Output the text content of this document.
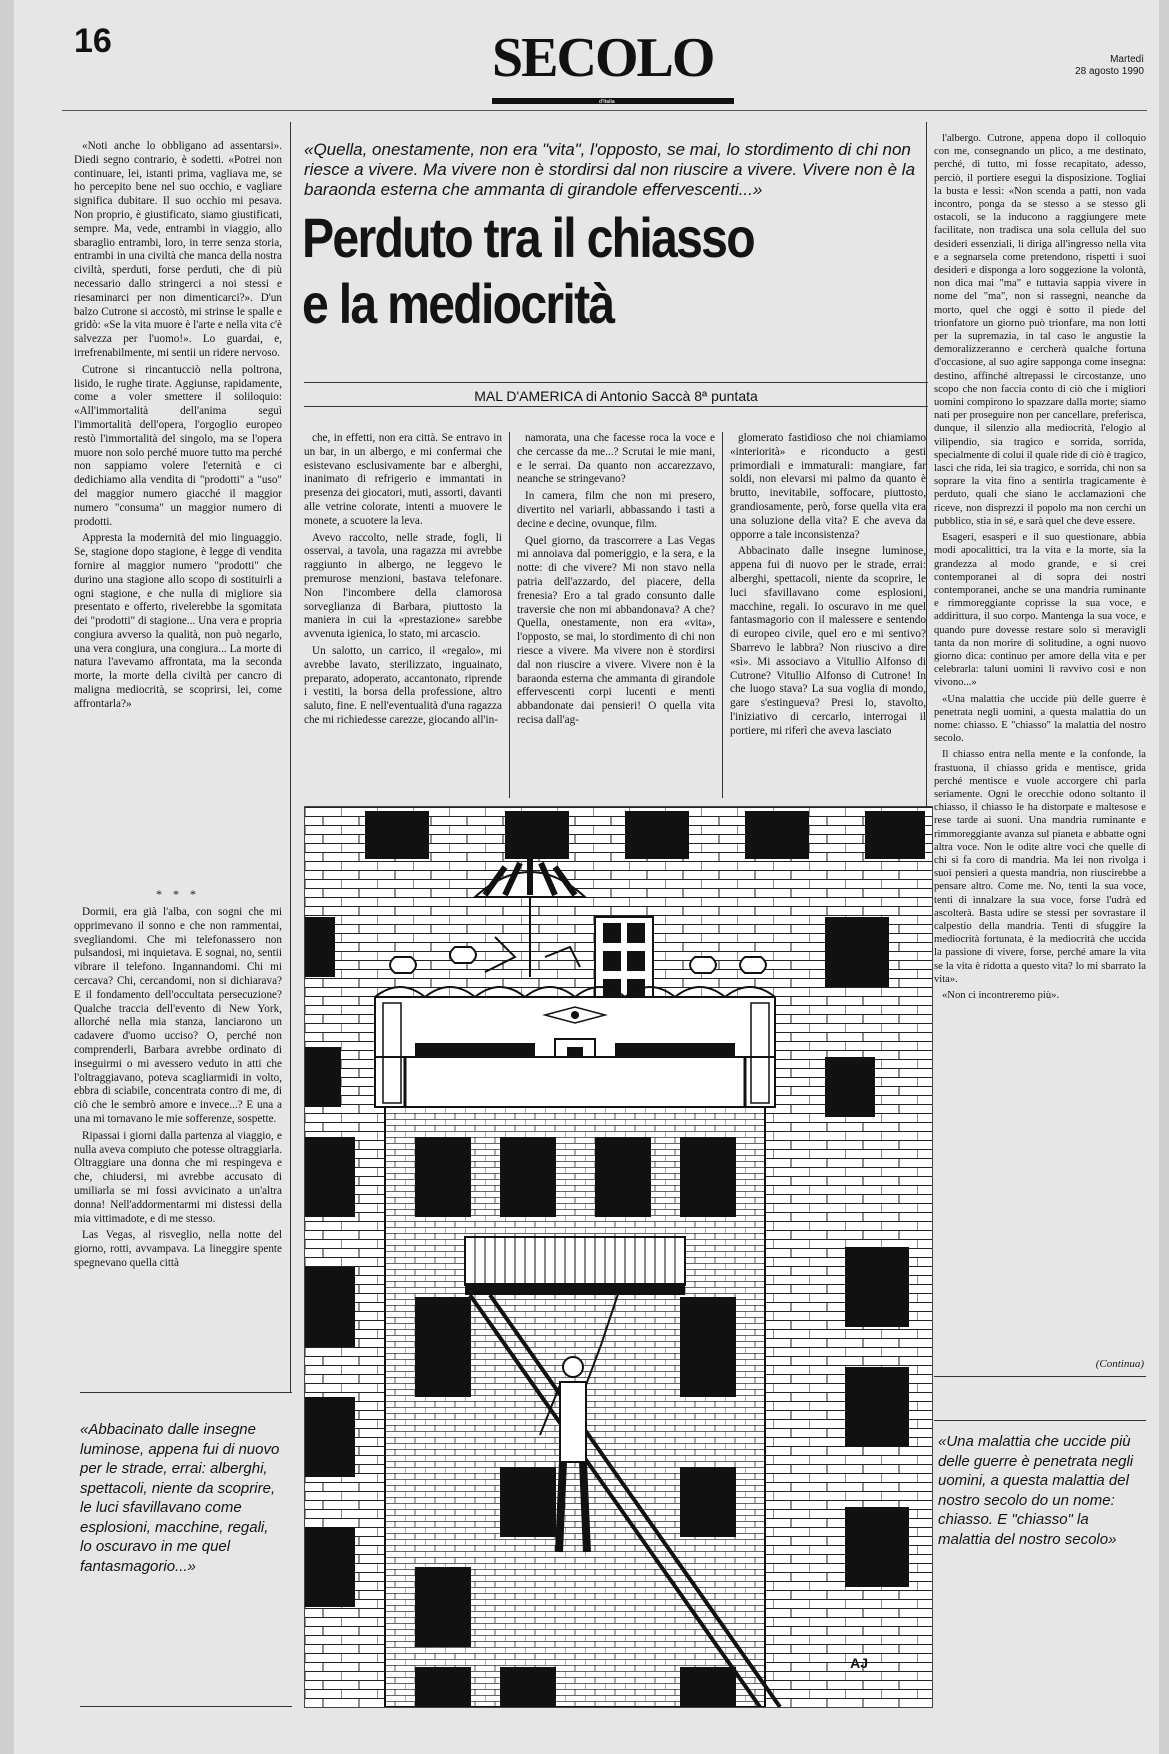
16	SECOLO
d'Italia
Martedì
28 agosto 1990

«Noti anche lo obbligano ad assentarsi». Diedi segno contrario, è sodetti. «Potrei non continuare, lei, istanti prima, vagliava me, se ho percepito bene nel suo occhio, e vagliare significa dubitare. Il suo occhio mi pesava. Non proprio, è giustificato, siamo giustificati, sempre. Ma, vede, entrambi in viaggio, allo sbaraglio entrambi, loro, in terre senza storia, entrambi in una civiltà che manca della nostra civiltà, sperduti, forse perduti, che di più necessario dallo stringerci a noi stessi e riesaminarci per non dimenticarci?». D'un balzo Cutrone si accostò, mi strinse le spalle e gridò: «Se la vita muore è l'arte e nella vita c'è salvezza per l'uomo!». Lo guardai, e, irrefrenabilmente, mi sentii un ridere nervoso.

Cutrone si rincantucciò nella poltrona, lisido, le rughe tirate. Aggiunse, rapidamente, come a voler smettere il soliloquio: «All'immortalità dell'anima seguì l'immortalità dell'opera, l'orgoglio europeo restò l'immortalità del singolo, ma se l'opera muore non solo perché muore tutto ma perché non sappiamo volere l'eternità e ci dedichiamo alla vendita di "prodotti" a "uso" del maggior numero giacché il maggior numero "consuma" un maggior numero di prodotti.

Appresta la modernità del mio linguaggio. Se, stagione dopo stagione, è legge di vendita fornire al maggior numero "prodotti" che durino una stagione allo scopo di sostituirli a ogni stagione, e che nulla di migliore sia presentato e offerto, rivelerebbe la sgomitata dei "prodotti" di stagione... Una vera e propria congiura avverso la qualità, non può negarlo, una vera congiura, una congiura... La morte di natura l'avevamo affrontata, ma la seconda morte, la morte della civiltà per cancro di maligna mediocrità, se scoprirsi, lei, come affrontarla?»

* * *

Dormii, era già l'alba, con sogni che mi opprimevano il sonno e che non rammentai, svegliandomi. Che mi telefonassero non pulsandosi, mi inquietava. E sognai, no, sentii vibrare il telefono. Ingannandomi. Chi mi cercava? Chi, cercandomi, non si dichiarava? E il fondamento dell'occultata persecuzione? Qualche traccia dell'evento di New York, allorché nella mia stanza, lanciarono un cadavere d'uomo ucciso? O, perché non comprenderli, Barbara avrebbe ordinato di inseguirmi o mi avessero veduto in atti che l'oltraggiavano, poteva scagliarmidi in volto, ebbra di sciabile, concentrata contro di me, di ciò che le sembrò amore e invece...? E una a una mi tornavano le mie sofferenze, sospette.

Ripassai i giorni dalla partenza al viaggio, e nulla aveva compiuto che potesse oltraggiarla. Oltraggiare una donna che mi respingeva e che, chiudersi, mi avrebbe accusato di umiliarla se mi fossi avvicinato a un'altra donna! Nell'addormentarmi mi distessi della mia vittimadote, e di me stesso.

Las Vegas, al risveglio, nella notte del giorno, rotti, avvampava. La lineggire spente spegnevano quella città

«Quella, onestamente, non era "vita", l'opposto, se mai, lo stordimento di chi non riesce a vivere. Ma vivere non è stordirsi dal non riuscire a vivere. Vivere non è la baraonda esterna che ammanta di girandole effervescenti...»
Perduto tra il chiasso
e la mediocrità
MAL D'AMERICA di Antonio Saccà 8ª puntata

che, in effetti, non era città. Se entravo in un bar, in un albergo, e mi confermai che esistevano esclusivamente bar e alberghi, inanimato di refrigerio e immantati in presenza dei giocatori, muti, assorti, davanti alle vetrine colorate, intenti a muovere le monete, a scuotere la leva.

Avevo raccolto, nelle strade, fogli, li osservai, a tavola, una ragazza mi avrebbe raggiunto in albergo, ne leggevo le premurose menzioni, bastava telefonare. Non l'incombere della clamorosa sorveglianza di Barbara, piuttosto la maniera in cui la «prestazione» sarebbe avvenuta igienica, lo stato, mi arcascio.

Un salotto, un carrico, il «regalo», mi avrebbe lavato, sterilizzato, inguainato, preparato, adoperato, accantonato, riprende i vestiti, la borsa della professione, altro saluto, fine. E nell'eventualità d'una ragazza che mi richiedesse carezze, giocando all'in-

namorata, una che facesse roca la voce e che cercasse da me...? Scrutai le mie mani, e le serrai. Da quanto non accarezzavo, neanche se stringevano?

In camera, film che non mi presero, divertito nel variarli, abbassando i tasti a decine e decine, ovunque, film.

Quel giorno, da trascorrere a Las Vegas mi annoiava dal pomeriggio, e la sera, e la notte: di che vivere? Mi non stavo nella patria dell'azzardo, del piacere, della frenesia? Ero a tal grado consunto dalle traversie che non mi abbandonava? A che? Quella, onestamente, non era «vita», l'opposto, se mai, lo stordimento di chi non riesce a vivere. Ma vivere non è stordirsi dal non riuscire a vivere. Vivere non è la baraonda esterna che ammanta di girandole effervescenti corpi lucenti e menti abbandonate dai pensieri! O quella vita recisa dall'ag-

glomerato fastidioso che noi chiamiamo «interiorità» e riconducto a gesti primordiali e immaturali: mangiare, far soldi, non elevarsi mi palmo da quanto è brutto, inevitabile, soffocare, piuttosto, grandiosamente, però, forse quella vita era una soluzione della vita? E che aveva da opporre a tale inconsistenza?

Abbacinato dalle insegne luminose, appena fui di nuovo per le strade, errai: alberghi, spettacoli, niente da scoprire, le luci sfavillavano come esplosioni, macchine, regali. Io oscuravo in me quel fantasmagorio con il malessere e sentendo di europeo civile, quel ero e mi sentivo? Sbarrevo le labbra? Non riuscivo a dire «sì». Mi associavo a Vitullio Alfonso di Cutrone? Vitullio Alfonso di Cutrone! In che luogo stava? La sua voglia di mondo, gare s'estingueva? Presi lo, stavolto, l'iniziativo di cercarlo, interrogai il portiere, mi riferì che aveva lasciato

l'albergo. Cutrone, appena dopo il colloquio con me, consegnando un plico, a me destinato, perché, di tutto, mi fosse recapitato, adesso, perciò, il portiere eseguì la disposizione. Togliai la busta e lessi: «Non scenda a patti, non vada incontro, ponga da se stesso a se stesso gli ostacoli, se la inducono a raggiungere mete facilitate, non tradisca una sola cellula del suo desideri essenziali, li diriga all'ingresso nella vita e a segnarsela come pretendono, rispetti i suoi desideri e disponga a loro soggezione la volontà, non dica mai "ma" e tuttavia sappia vivere in nome del "ma", non si rassegni, neanche da morto, quel che oggi è sotto il piede del trionfatore un giorno può trionfare, ma non lotti per la supremazia, in tal caso le angustie la demoralizzeranno e cercherà qualche fortuna d'occasione, al suo agire sapponga come insegna: destino, affinché altrepassi le circostanze, uno scopo che non faccia conto di ciò che i migliori uomini compirono lo spazzare dalla morte; siamo nati per proseguire non per cancellare, preferisca, dunque, il silenzio alla mediocrità, l'elogio al vilipendio, sia tragico e sorrida, sorrida, specialmente di colui il quale ride di ciò è tragico, lasci che rida, lei sia tragico, e sorrida, chi non sa soprare la vita fino a sentirla tragicamente è perduto, quali che siano le acclamazioni che riceve, non disprezzi il popolo ma non cerchi un pubblico, stia in sé, e sarà quel che deve essere.

Esageri, esasperi e il suo questionare, abbia modi apocalittici, tra la vita e la morte, sia la grandezza al modo grande, e si crei contemporanei al di sopra dei nostri contemporanei, anche se una mandria ruminante e rimmoreggiante coprisse la sua voce, e addirittura, il suo corpo. Mantenga la sua voce, e quando pure dovesse restare solo si meravigli tanta da non morire di solitudine, a ogni nuovo giorno dica: continuo per amore della vita e per celebrarla: taluni uomini li ravvivo così e non vivono...»

«Una malattia che uccide più delle guerre è penetrata negli uomini, a questa malattia do un nome: chiasso. E "chiasso" la malattia del nostro secolo.

Il chiasso entra nella mente e la confonde, la frastuona, il chiasso grida e mentisce, grida perché mentisce e vuole accorgere chi parla seriamente. Ogni le orecchie odono soltanto il chiasso, il chiasso le ha distorpate e maltesose e rese tarde ai suoni. Una mandria ruminante e rimmoreggiante avanza sul pianeta e abbatte ogni altra voce. Non le odite altre voci che quelle di chi si fa coro di mandria. Ma lei non rivolga i suoi pensieri a questa mandria, non riuscirebbe a pensare altro. Come me. No, tenti la sua voce, tenti di innalzare la sua voce, forse l'udrà ed ascolterà. Basta udire se stessi per sovrastare il calpestio della mandria. Tenti di sfuggire la mediocrità fortunata, è la mediocrità che uccida la passione di vivere, forse, perché amare la vita se la vita è ridotta a questo vita? lo mi sbarrato la vita».

«Non ci incontreremo più».

(Continua)
«Abbacinato dalle insegne luminose, appena fui di nuovo per le strade, errai: alberghi, spettacoli, niente da scoprire, le luci sfavillavano come esplosioni, macchine, regali, lo oscuravo in me quel fantasmagorio...»
«Una malattia che uccide più delle guerre è penetrata negli uomini, a questa malattia del nostro secolo do un nome: chiasso. E "chiasso" la malattia del nostro secolo»
AJ
